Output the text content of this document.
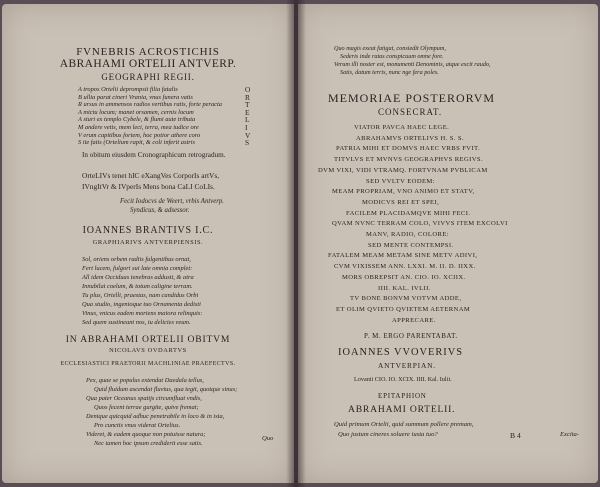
FVNEBRIS ACROSTICHIS
ABRAHAMI ORTELII ANTVERP.
GEOGRAPHI REGII.
A tropos Ortelii deprompsit filia fatalis
B ullia parat cineri Vrania, vnus funera vatis
R ursus in ammensos radios vertibus ratis, forte peracta
A mictu locum; manet orsamen, cernis locum
A sturi ex templo Cybele, & flumi aute tributa
M andere vetis, mem leci, terra, mea iudice ore
V erum capitibus fortem, hoc potior athere coro
S ite fatis (Ortelium rapit, & coli inferit astris
O
R
T
E
L
I
V
S
In obitum eiusdem Cronographicum retrogradum.
OrteLIVs tenet hIC eXangVes CorporIs artVs,
IVngItVr & IVperIs Mens bona CaLI CoLIs.
Fecit Iodocvs de Weert, vrbis Antverp.
Syndicus, & adsessor.
IOANNES BRANTIVS I.C.
GRAPHIARIVS ANTVERPIENSIS.
Sol, oriens orbem radiis fulgentibus ornat,
Fert lucem, fulgori sui late omnia complet:
All idem Occiduas tenebras addusit, & atra
Innubilat coelum, & totum caligine terram.
Tu plus, Ortelli, praestas, nam candidus Orbi
Qua studio, ingenioque tuo Ornamenta dedisti
Vinus, vnicus eadem moriens maiora relinquis:
Sed quem sustineant nos, tu delicies veum.
IN ABRAHAMI ORTELII OBITVM
NICOLAVS OVDARTVS
ECCLESIASTICI PRAETORII MACHLINIAE PRAEFECTVS.
Pex, quae se populus extendat Daedala tellus,
Quid fluidum ascendat fluvius, qua tegit, quotque sinus;
Qua pater Oceanus spatijs circumfluat vndis,
Quos fecent terrae gurgite, quive fremat;
Denique quicquid adhuc penetrabile in loco & in ista,
Pro cunctis vnus viderat Ortelius.
Videret, & eadem quoque non potuisse natura;
Nec tamen hoc ipsum crediderit esse satis.
Quo
Quo magis exeat fatigat, consiedit Olympum,
Sederis inde ratas conspicuum omne fore.
Verum illi noster est, monumenti Denominis, atque excit raudo,
Satis, datum terris, nunc nge fera poles.
MEMORIAE POSTERORVM
CONSECRAT.
VIATOR PAVCA HAEC LEGE.
ABRAHAMVS ORTELIVS H. S. S.
PATRIA MIHI ET DOMVS HAEC VRBS FVIT.
TITVLVS ET MVNVS GEOGRAPHVS REGIVS.
DVM VIXI, VIDI VTRAMQ. FORTVNAM PVBLICAM
SED VVLTV EODEM:
MEAM PROPRIAM, VNO ANIMO ET STATV,
MODICVS REI ET SPEI,
FACILEM PLACIDAMQVE MIHI FECI.
QVAM NVNC TERRAM COLO, VIVVS ITEM EXCOLVI
MANV, RADIO, COLORE:
SED MENTE CONTEMPSI.
FATALEM MEAM METAM SINE METV ADIVI,
CVM VIXISSEM ANN. LXXI. M. II. D. IIXX.
MORS OBREPSIT AN. CIO. IO. XCIIX.
IIII. KAL. IVLII.
TV BONE BONVM VOTVM ADDE,
ET OLIM QVIETO QVIETEM AETERNAM
APPRECARE.
P. M. ERGO PARENTABAT.
IOANNES VVOVERIVS
ANTVERPIAN.
Lovanii CIO. IO. XCIX. IIII. Kal. Iulii.
EPITAPHION
ABRAHAMI ORTELII.
Quid primum Ortelii, quid summum pollere premam,
Quo justum cineres soluere iusta tuo?	B 4	Excita-
